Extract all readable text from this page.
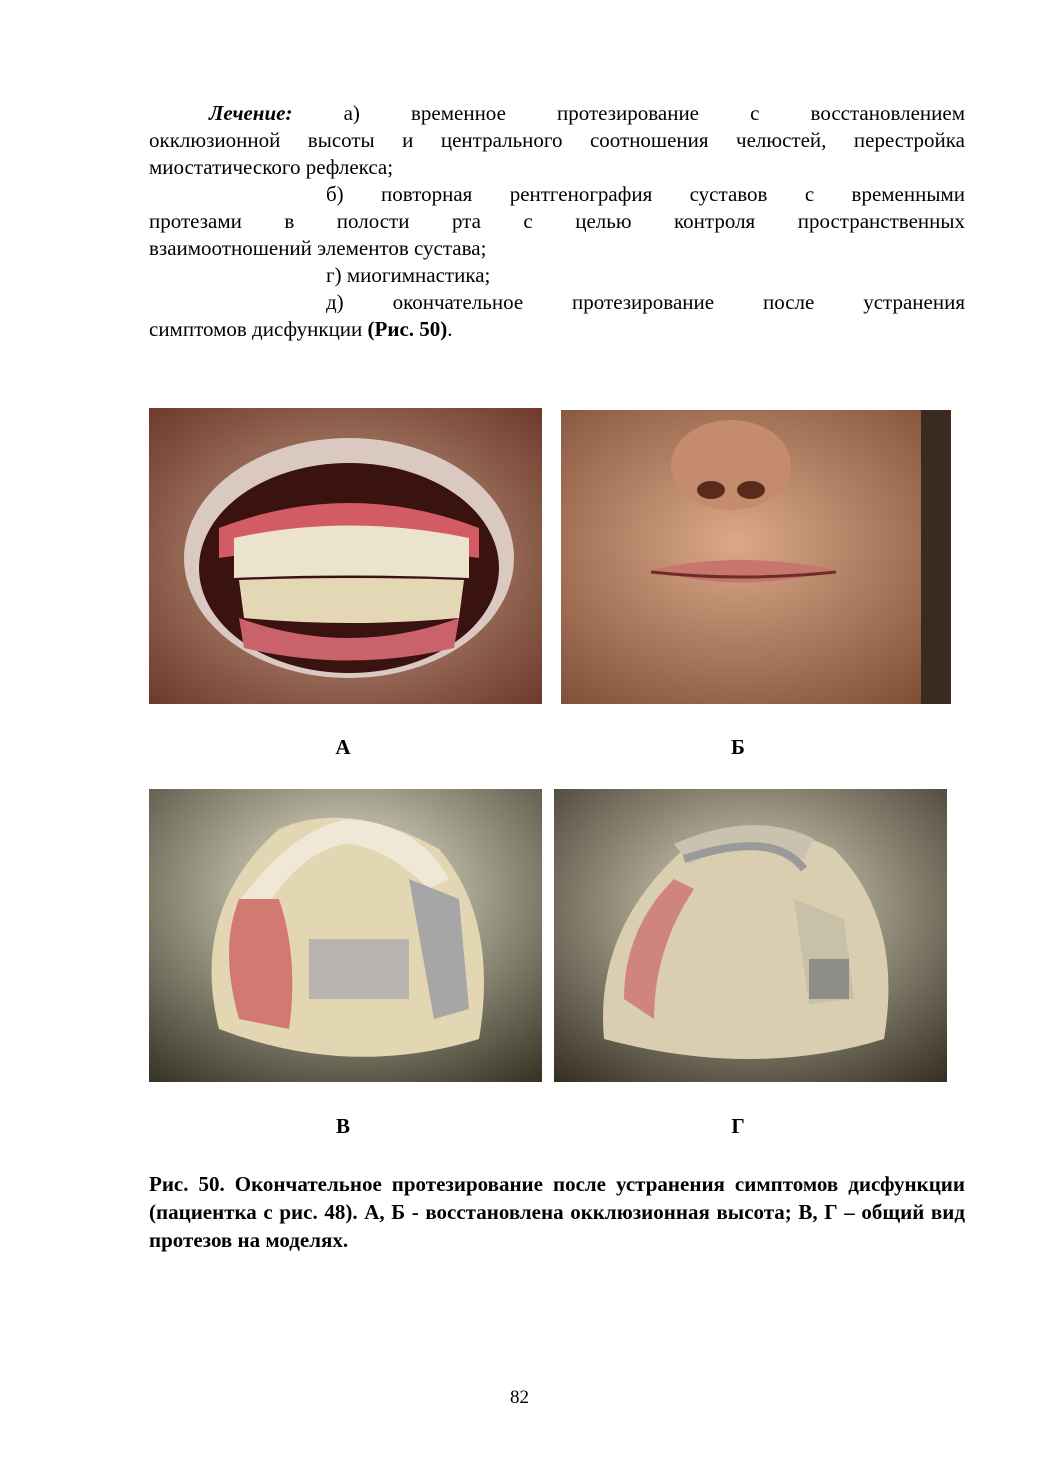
Лечение: а) временное протезирование с восстановлением
окклюзионной высоты и центрального соотношения челюстей, перестройка
миостатического рефлекса;
б) повторная рентгенография суставов с временными
протезами в полости рта с целью контроля пространственных
взаимоотношений элементов сустава;
г) миогимнастика;
д) окончательное протезирование после устранения
симптомов дисфункции (Рис. 50).
А	Б
В	Г
Рис. 50. Окончательное протезирование после устранения симптомов дисфункции (пациентка с рис. 48). А, Б - восстановлена окклюзионная высота; В, Г – общий вид протезов на моделях.
82
